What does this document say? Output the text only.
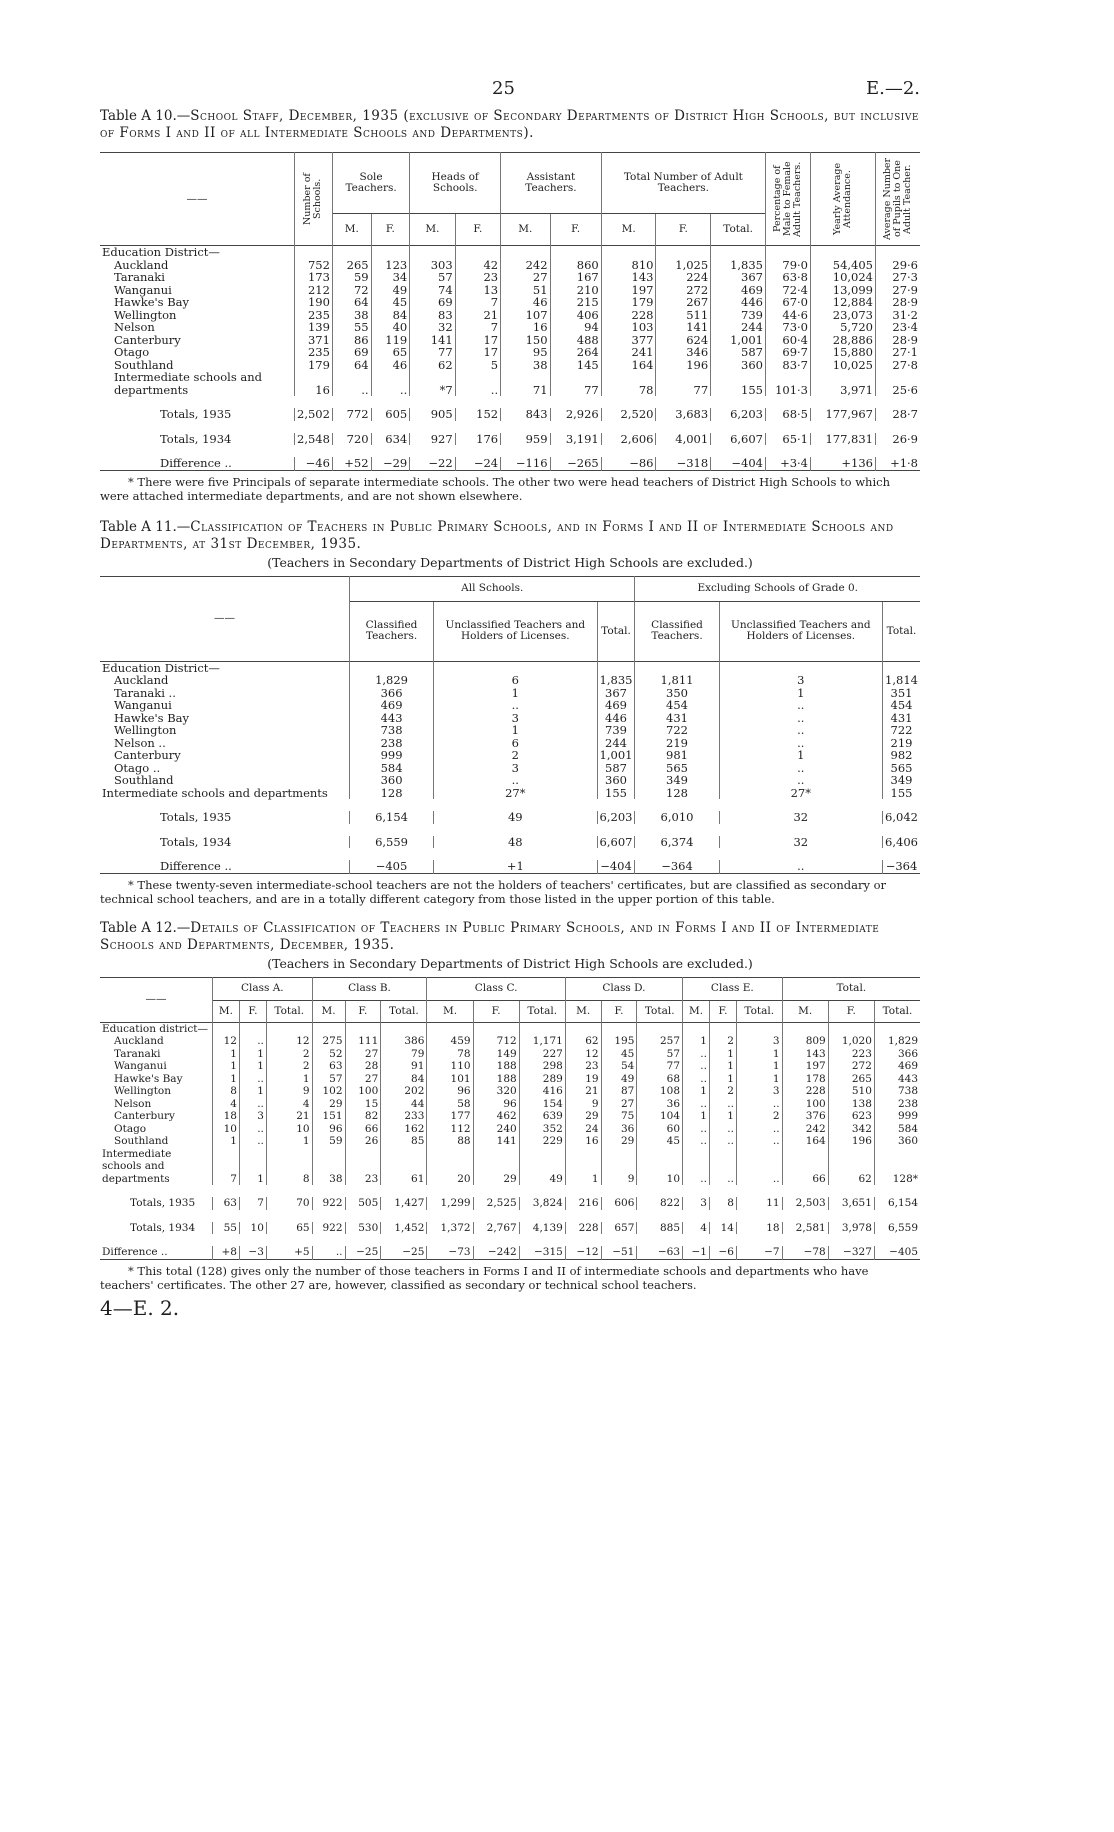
25	E.—2.

Table A 10.—School Staff, December, 1935 (exclusive of Secondary Departments of District High Schools, but inclusive of Forms I and II of all Intermediate Schools and Departments).

——	Number of Schools.	Sole Teachers.		Heads of Schools.		Assistant Teachers.		Total Number of Adult Teachers.			Percentage of Male to Female Adult Teachers.	Yearly Average Attendance.	Average Number of Pupils to One Adult Teacher.

		M.	F.	M.	F.	M.	F.	M.	F.	Total.			
Education District—													
Auckland	752	265	123	303	42	242	860	810	1,025	1,835	79·0	54,405	29·6
Taranaki	173	59	34	57	23	27	167	143	224	367	63·8	10,024	27·3
Wanganui	212	72	49	74	13	51	210	197	272	469	72·4	13,099	27·9
Hawke's Bay	190	64	45	69	7	46	215	179	267	446	67·0	12,884	28·9
Wellington	235	38	84	83	21	107	406	228	511	739	44·6	23,073	31·2
Nelson	139	55	40	32	7	16	94	103	141	244	73·0	5,720	23·4
Canterbury	371	86	119	141	17	150	488	377	624	1,001	60·4	28,886	28·9
Otago	235	69	65	77	17	95	264	241	346	587	69·7	15,880	27·1
Southland	179	64	46	62	5	38	145	164	196	360	83·7	10,025	27·8
Intermediate schools and departments	16	..	..	*7	..	71	77	78	77	155	101·3	3,971	25·6

Totals, 1935	2,502	772	605	905	152	843	2,926	2,520	3,683	6,203	68·5	177,967	28·7

Totals, 1934	2,548	720	634	927	176	959	3,191	2,606	4,001	6,607	65·1	177,831	26·9

Difference ..	−46	+52	−29	−22	−24	−116	−265	−86	−318	−404	+3·4	+136	+1·8

* There were five Principals of separate intermediate schools. The other two were head teachers of District High Schools to which were attached intermediate departments, and are not shown elsewhere.

Table A 11.—Classification of Teachers in Public Primary Schools, and in Forms I and II of Intermediate Schools and Departments, at 31st December, 1935.

(Teachers in Secondary Departments of District High Schools are excluded.)

——	All Schools.			Excluding Schools of Grade 0.		
	Classified Teachers.	Unclassified Teachers and Holders of Licenses.	Total.	Classified Teachers.	Unclassified Teachers and Holders of Licenses.	Total.
Education District—						
Auckland	1,829	6	1,835	1,811	3	1,814
Taranaki ..	366	1	367	350	1	351
Wanganui	469	..	469	454	..	454
Hawke's Bay	443	3	446	431	..	431
Wellington	738	1	739	722	..	722
Nelson ..	238	6	244	219	..	219
Canterbury	999	2	1,001	981	1	982
Otago ..	584	3	587	565	..	565
Southland	360	..	360	349	..	349
Intermediate schools and departments	128	27*	155	128	27*	155

Totals, 1935	6,154	49	6,203	6,010	32	6,042

Totals, 1934	6,559	48	6,607	6,374	32	6,406

Difference ..	−405	+1	−404	−364	..	−364

* These twenty-seven intermediate-school teachers are not the holders of teachers' certificates, but are classified as secondary or technical school teachers, and are in a totally different category from those listed in the upper portion of this table.

Table A 12.—Details of Classification of Teachers in Public Primary Schools, and in Forms I and II of Intermediate Schools and Departments, December, 1935.

(Teachers in Secondary Departments of District High Schools are excluded.)

——	Class A.			Class B.			Class C.			Class D.			Class E.			Total.		
	M.	F.	Total.	M.	F.	Total.	M.	F.	Total.	M.	F.	Total.	M.	F.	Total.	M.	F.	Total.
Education district—																		
Auckland	12	..	12	275	111	386	459	712	1,171	62	195	257	1	2	3	809	1,020	1,829
Taranaki	1	1	2	52	27	79	78	149	227	12	45	57	..	1	1	143	223	366
Wanganui	1	1	2	63	28	91	110	188	298	23	54	77	..	1	1	197	272	469
Hawke's Bay	1	..	1	57	27	84	101	188	289	19	49	68	..	1	1	178	265	443
Wellington	8	1	9	102	100	202	96	320	416	21	87	108	1	2	3	228	510	738
Nelson	4	..	4	29	15	44	58	96	154	9	27	36	..	..	..	100	138	238
Canterbury	18	3	21	151	82	233	177	462	639	29	75	104	1	1	2	376	623	999
Otago	10	..	10	96	66	162	112	240	352	24	36	60	..	..	..	242	342	584
Southland	1	..	1	59	26	85	88	141	229	16	29	45	..	..	..	164	196	360
Intermediate schools and departments	7	1	8	38	23	61	20	29	49	1	9	10	..	..	..	66	62	128*

Totals, 1935	63	7	70	922	505	1,427	1,299	2,525	3,824	216	606	822	3	8	11	2,503	3,651	6,154

Totals, 1934	55	10	65	922	530	1,452	1,372	2,767	4,139	228	657	885	4	14	18	2,581	3,978	6,559

Difference ..	+8	−3	+5	..	−25	−25	−73	−242	−315	−12	−51	−63	−1	−6	−7	−78	−327	−405

* This total (128) gives only the number of those teachers in Forms I and II of intermediate schools and departments who have teachers' certificates. The other 27 are, however, classified as secondary or technical school teachers.

4—E. 2.
